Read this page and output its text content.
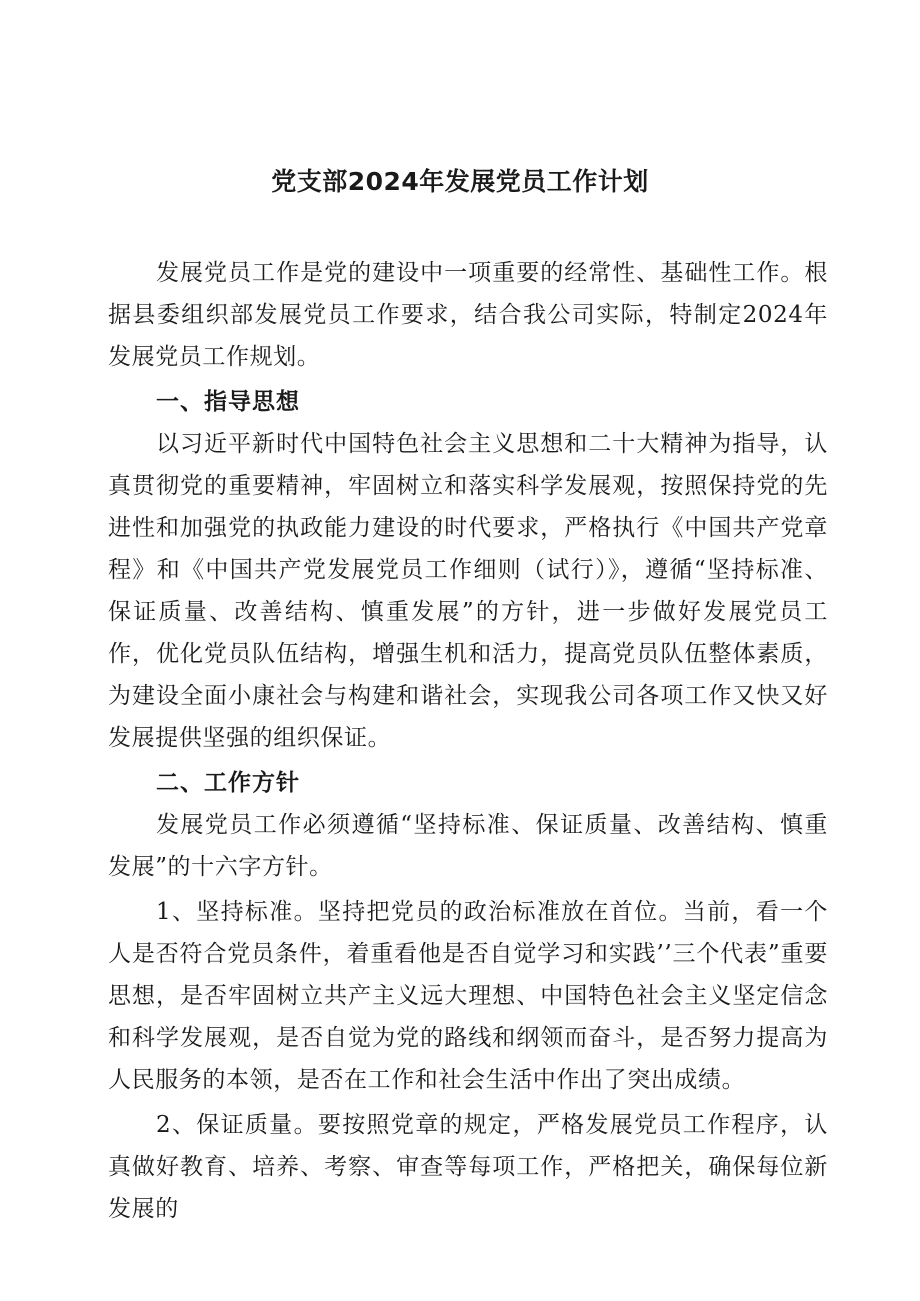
党支部2024年发展党员工作计划

发展党员工作是党的建设中一项重要的经常性、基础性工作。根据县委组织部发展党员工作要求，结合我公司实际，特制定2024年发展党员工作规划。

一、指导思想

以习近平新时代中国特色社会主义思想和二十大精神为指导，认真贯彻党的重要精神，牢固树立和落实科学发展观，按照保持党的先进性和加强党的执政能力建设的时代要求，严格执行《中国共产党章程》和《中国共产党发展党员工作细则（试行）》，遵循“坚持标准、保证质量、改善结构、慎重发展”的方针，进一步做好发展党员工作，优化党员队伍结构，增强生机和活力，提高党员队伍整体素质，为建设全面小康社会与构建和谐社会，实现我公司各项工作又快又好发展提供坚强的组织保证。

二、工作方针

发展党员工作必须遵循“坚持标准、保证质量、改善结构、慎重发展”的十六字方针。

1、坚持标准。坚持把党员的政治标准放在首位。当前，看一个人是否符合党员条件，着重看他是否自觉学习和实践’’三个代表”重要思想，是否牢固树立共产主义远大理想、中国特色社会主义坚定信念和科学发展观，是否自觉为党的路线和纲领而奋斗，是否努力提高为人民服务的本领，是否在工作和社会生活中作出了突出成绩。

2、保证质量。要按照党章的规定，严格发展党员工作程序，认真做好教育、培养、考察、审查等每项工作，严格把关，确保每位新发展的
